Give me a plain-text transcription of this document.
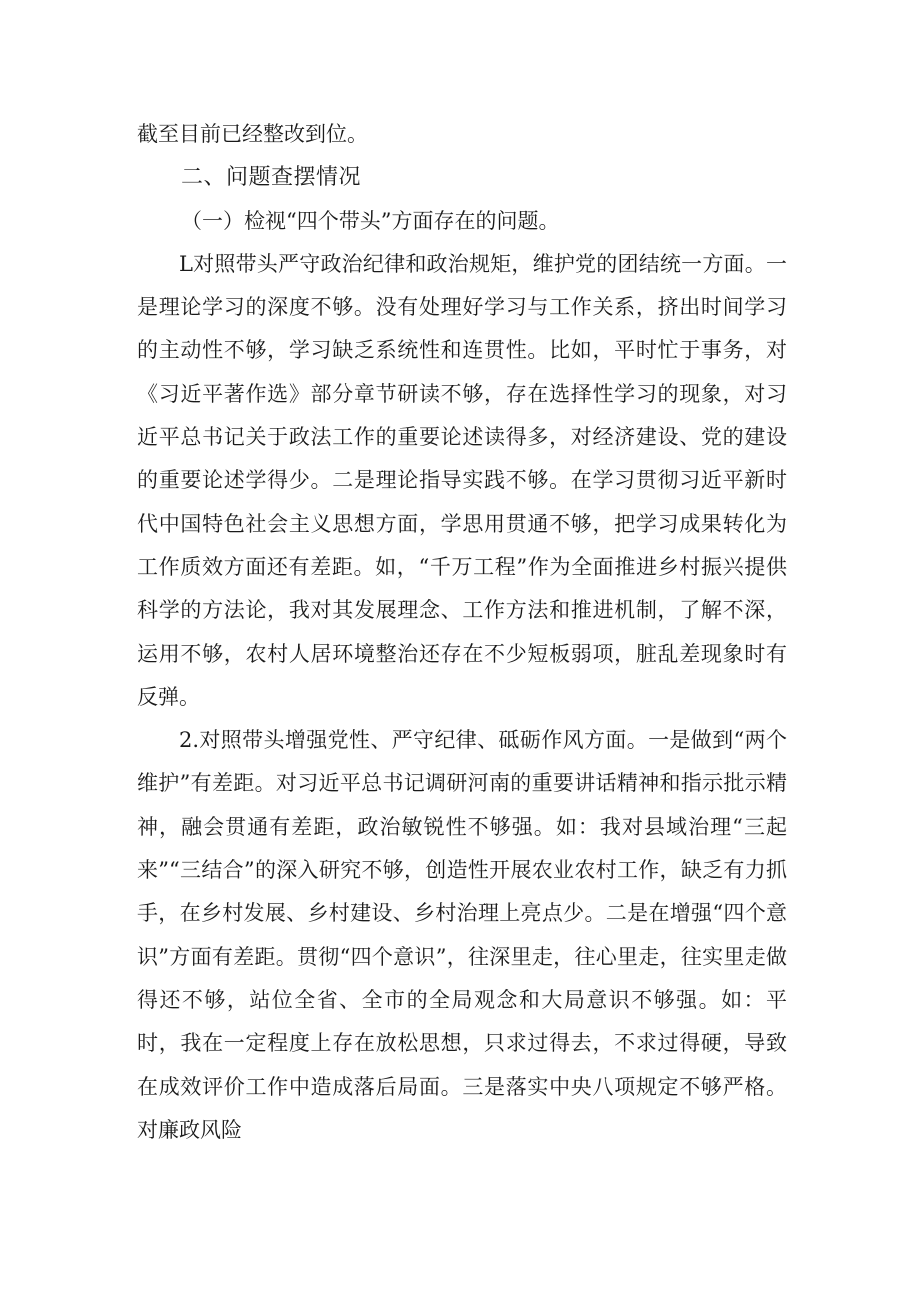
截至目前已经整改到位。

二、问题查摆情况

（一）检视“四个带头”方面存在的问题。

L对照带头严守政治纪律和政治规矩，维护党的团结统一方面。一是理论学习的深度不够。没有处理好学习与工作关系，挤出时间学习的主动性不够，学习缺乏系统性和连贯性。比如，平时忙于事务，对《习近平著作选》部分章节研读不够，存在选择性学习的现象，对习近平总书记关于政法工作的重要论述读得多，对经济建设、党的建设的重要论述学得少。二是理论指导实践不够。在学习贯彻习近平新时代中国特色社会主义思想方面，学思用贯通不够，把学习成果转化为工作质效方面还有差距。如，“千万工程”作为全面推进乡村振兴提供科学的方法论，我对其发展理念、工作方法和推进机制，了解不深，运用不够，农村人居环境整治还存在不少短板弱项，脏乱差现象时有反弹。

2.对照带头增强党性、严守纪律、砥砺作风方面。一是做到“两个维护”有差距。对习近平总书记调研河南的重要讲话精神和指示批示精神，融会贯通有差距，政治敏锐性不够强。如：我对县域治理“三起来”“三结合”的深入研究不够，创造性开展农业农村工作，缺乏有力抓手，在乡村发展、乡村建设、乡村治理上亮点少。二是在增强“四个意识”方面有差距。贯彻“四个意识”，往深里走，往心里走，往实里走做得还不够，站位全省、全市的全局观念和大局意识不够强。如：平时，我在一定程度上存在放松思想，只求过得去，不求过得硬，导致在成效评价工作中造成落后局面。三是落实中央八项规定不够严格。对廉政风险
